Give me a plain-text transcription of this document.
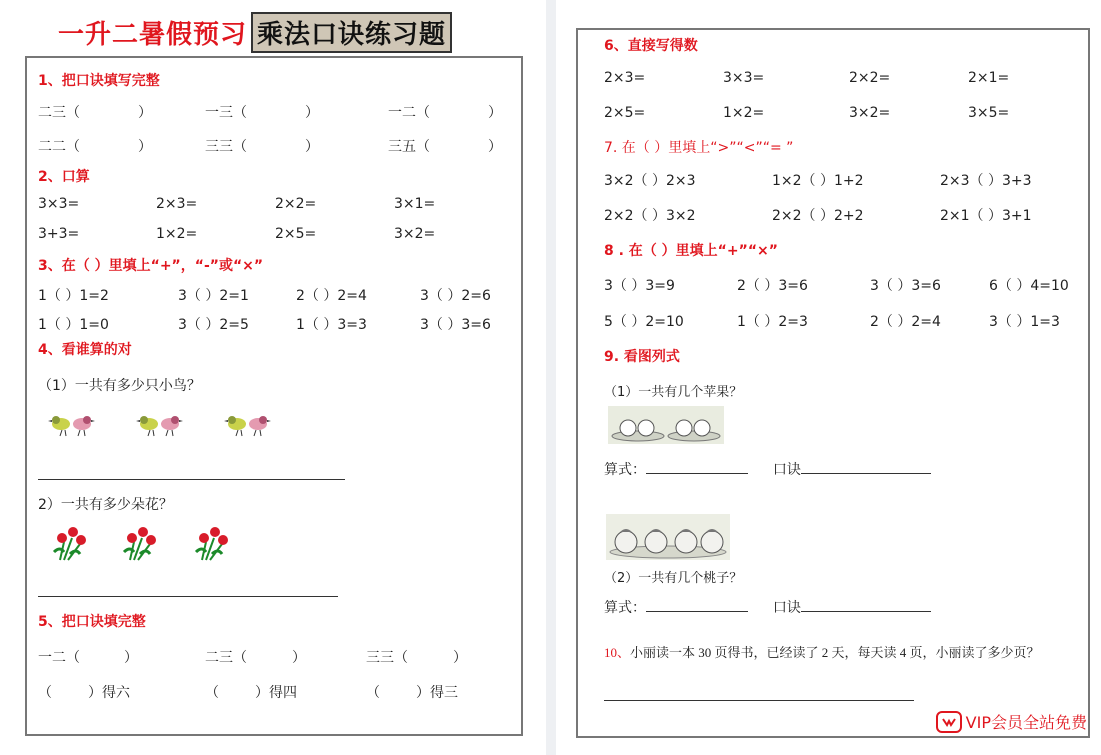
一升二暑假预习 乘法口诀练习题
1、把口诀填写完整
二三（	）	一三（	）	一二（	）
二二（	）	三三（	）	三五（	）
2、口算
3×3=	2×3=	2×2=	3×1=
3+3=	1×2=	2×5=	3×2=
3、在（ ）里填上“+”，“-”或“×”
1（ ）1=2	3（ ）2=1	2（ ）2=4	3（ ）2=6
1（ ）1=0	3（ ）2=5	1（ ）3=3	3（ ）3=6
4、看谁算的对
（1）一共有多少只小鸟？
2）一共有多少朵花？
5、把口诀填完整
一二（	）	二三（	）	三三（	）
（	）得六	（	）得四	（	）得三
6、直接写得数
2×3=	3×3=	2×2=	2×1=
2×5=	1×2=	3×2=	3×5=
7. 在（ ）里填上“>”“<”“= ”
3×2（ ）2×3	1×2（ ）1+2	2×3（ ）3+3
2×2（ ）3×2	2×2（ ）2+2	2×1（ ）3+1
8 . 在（ ）里填上“+”“×”
3（ ）3=9	2（ ）3=6	3（ ）3=6	6（ ）4=10
5（ ）2=10	1（ ）2=3	2（ ）2=4	3（ ）1=3
9. 看图列式
（1）一共有几个苹果？
算式：	口诀
（2）一共有几个桃子？
算式：	口诀
10、小丽读一本 30 页得书，已经读了 2 天，每天读 4 页，小丽读了多少页？
VIP会员全站免费
